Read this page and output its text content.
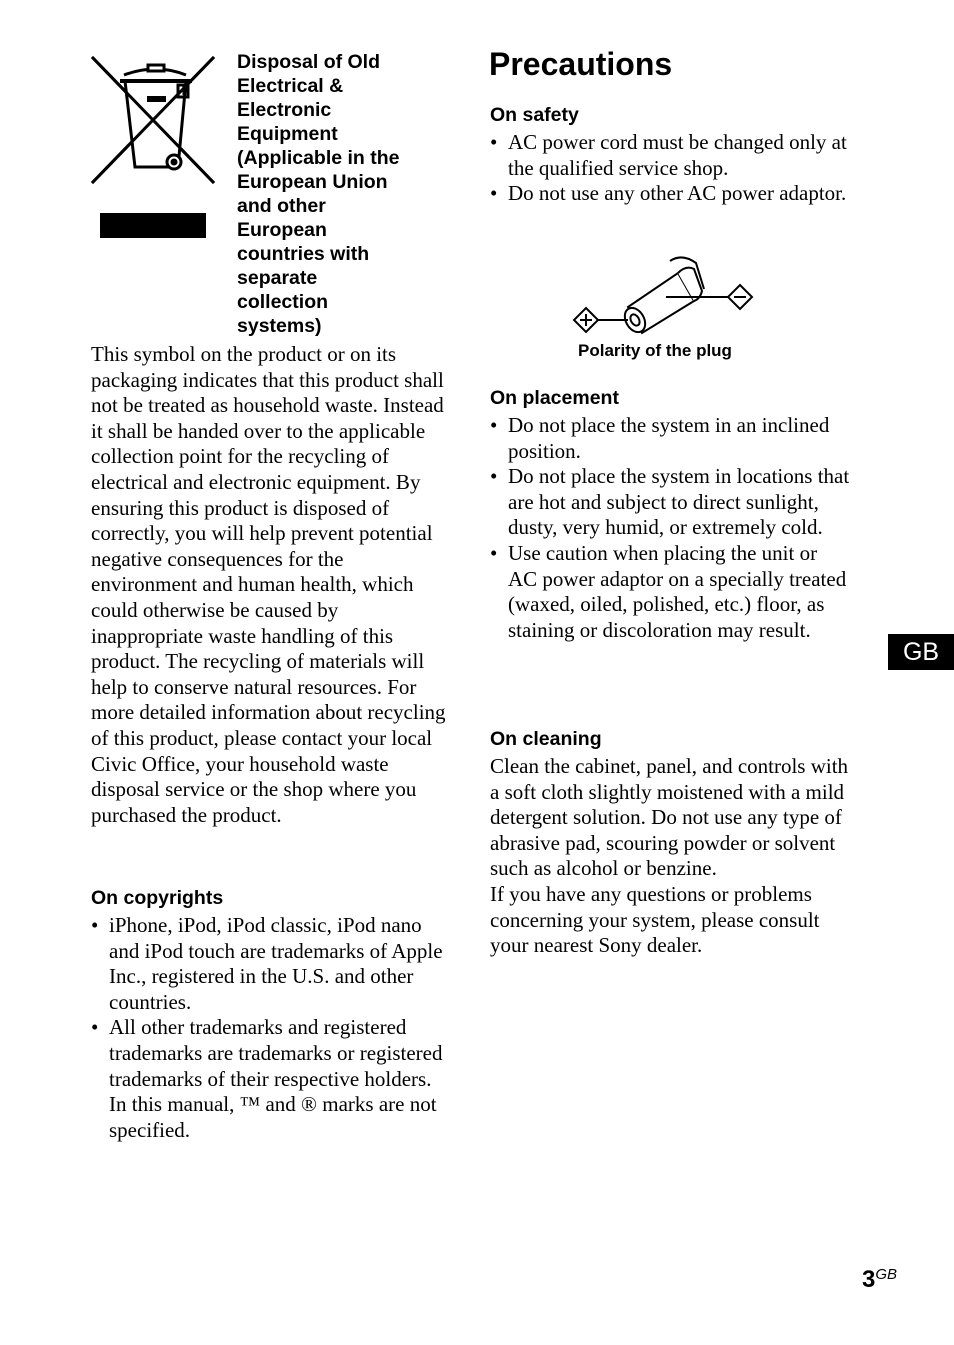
Disposal of Old
Electrical &
Electronic
Equipment
(Applicable in the
European Union
and other
European
countries with
separate
collection
systems)

This symbol on the product or on its packaging indicates that this product shall not be treated as household waste. Instead it shall be handed over to the applicable collection point for the recycling of electrical and electronic equipment. By ensuring this product is disposed of correctly, you will help prevent potential negative consequences for the environment and human health, which could otherwise be caused by inappropriate waste handling of this product. The recycling of materials will help to conserve natural resources. For more detailed information about recycling of this product, please contact your local Civic Office, your household waste disposal service or the shop where you purchased the product.

On copyrights
• iPhone, iPod, iPod classic, iPod nano and iPod touch are trademarks of Apple Inc., registered in the U.S. and other countries.
• All other trademarks and registered trademarks are trademarks or registered trademarks of their respective holders. In this manual, ™ and ® marks are not specified.
Precautions
On safety
• AC power cord must be changed only at the qualified service shop.
• Do not use any other AC power adaptor.

Polarity of the plug

On placement
• Do not place the system in an inclined position.
• Do not place the system in locations that are hot and subject to direct sunlight, dusty, very humid, or extremely cold.
• Use caution when placing the unit or AC power adaptor on a specially treated (waxed, oiled, polished, etc.) floor, as staining or discoloration may result.
On cleaning
Clean the cabinet, panel, and controls with a soft cloth slightly moistened with a mild detergent solution. Do not use any type of abrasive pad, scouring powder or solvent such as alcohol or benzine.
If you have any questions or problems concerning your system, please consult your nearest Sony dealer.
GB
3GB
